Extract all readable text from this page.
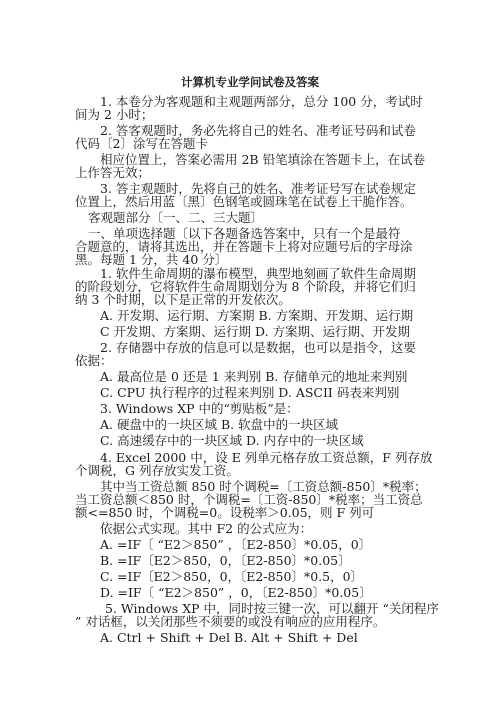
计算机专业学问试卷及答案
1. 本卷分为客观题和主观题两部分，总分 100 分，考试时
间为 2 小时；
2. 答客观题时，务必先将自己的姓名、准考证号码和试卷
代码〔2〕涂写在答题卡
相应位置上，答案必需用 2B 铅笔填涂在答题卡上，在试卷
上作答无效；
3. 答主观题时，先将自己的姓名、准考证号写在试卷规定
位置上，然后用蓝〔黑〕色钢笔或圆珠笔在试卷上干脆作答。
客观题部分〔一、二、三大题〕
一、单项选择题〔以下各题备选答案中，只有一个是最符
合题意的，请将其选出，并在答题卡上将对应题号后的字母涂
黑。每题 1 分，共 40 分〕
1. 软件生命周期的瀑布模型，典型地刻画了软件生命周期
的阶段划分，它将软件生命周期划分为 8 个阶段，并将它们归
纳 3 个时期，以下是正常的开发依次。
A. 开发期、运行期、方案期 B. 方案期、开发期、运行期
C 开发期、方案期、运行期 D. 方案期、运行期、开发期
2. 存储器中存放的信息可以是数据，也可以是指令，这要
依据：
A. 最高位是 0 还是 1 来判别 B. 存储单元的地址来判别
C. CPU 执行程序的过程来判别 D. ASCII 码表来判别
3. Windows XP 中的“剪贴板”是：
A. 硬盘中的一块区域 B. 软盘中的一块区域
C. 高速缓存中的一块区域 D. 内存中的一块区域
4. Excel 2000 中，设 E 列单元格存放工资总额，F 列存放
个调税，G 列存放实发工资。
其中当工资总额 850 时个调税=〔工资总额-850〕*税率；
当工资总额＜850 时，个调税=〔工资-850〕*税率；当工资总
额<=850 时，个调税=0。设税率＞0.05，则 F 列可
依据公式实现。其中 F2 的公式应为：
A. =IF〔 “E2＞850” ，〔E2-850〕*0.05，0〕
B. =IF〔E2＞850，0，〔E2-850〕*0.05〕
C. =IF〔E2＞850，0，〔E2-850〕*0.5，0〕
D. =IF〔 “E2＞850” ，0，〔E2-850〕*0.05〕
5. Windows XP 中，同时按三键一次，可以翻开 “关闭程序
” 对话框，以关闭那些不须要的或没有响应的应用程序。
A. Ctrl + Shift + Del B. Alt + Shift + Del
